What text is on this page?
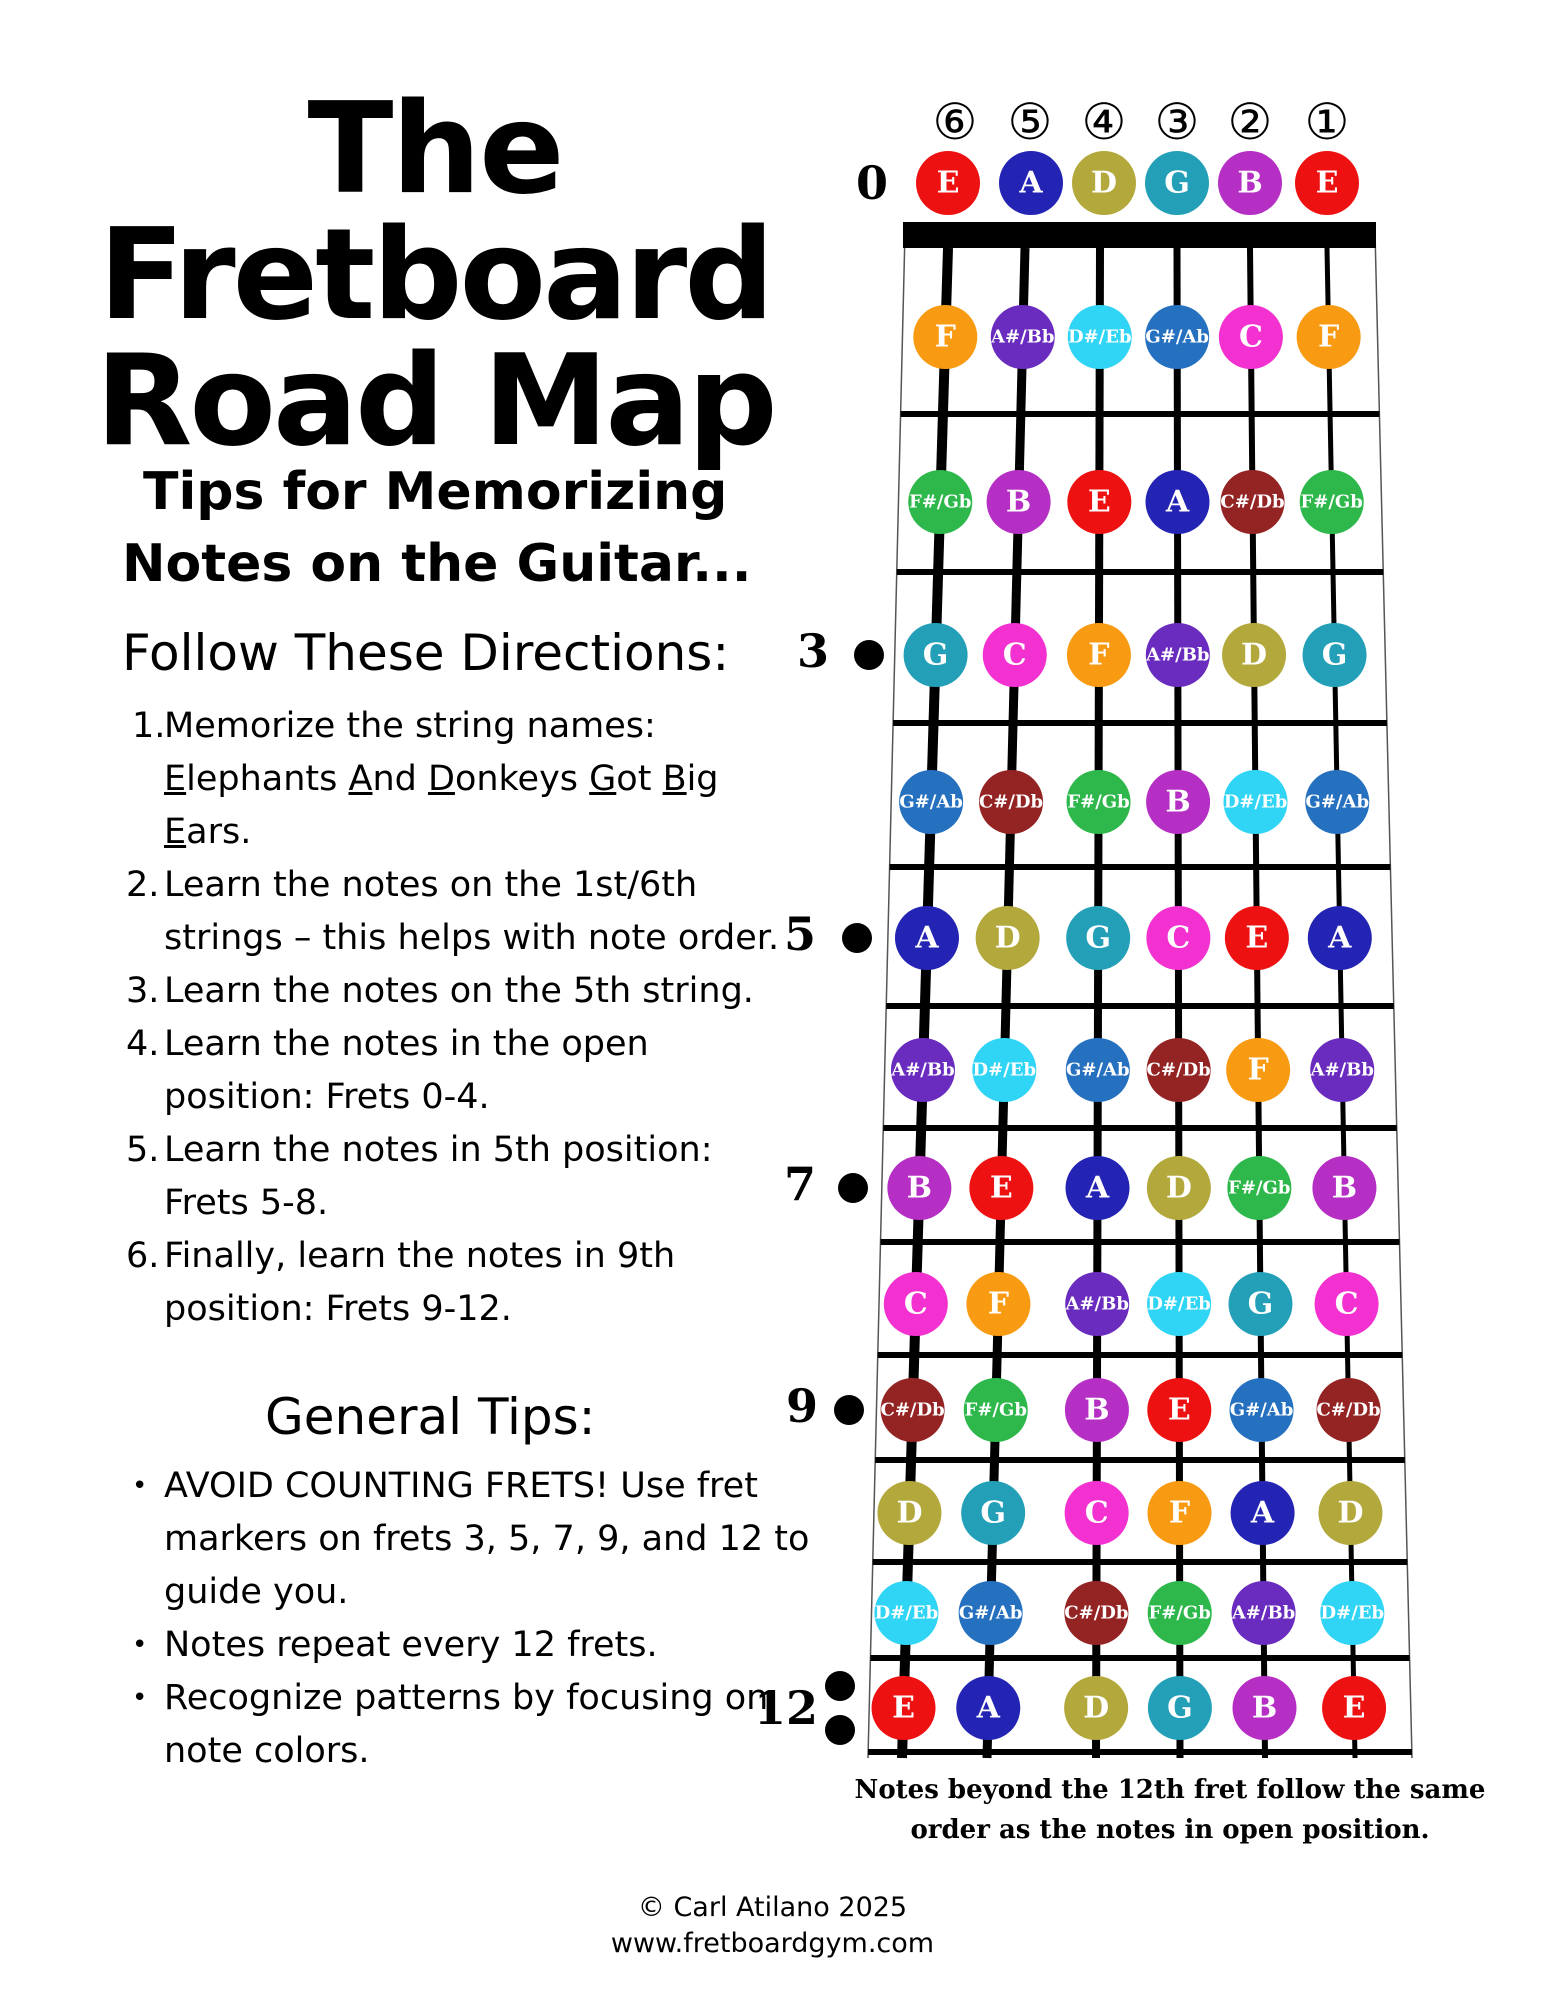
The
Fretboard
Road Map
Tips for Memorizing
Notes on the Guitar...
Follow These Directions:
1.
Memorize the string names: Elephants And Donkeys Got Big Ears.
2. Learn the notes on the 1st/6th strings – this helps with note order.
3. Learn the notes on the 5th string.
4. Learn the notes in the open position: Frets 0-4.
5. Learn the notes in 5th position: Frets 5-8.
6. Finally, learn the notes in 9th position: Frets 9-12.
General Tips:
• AVOID COUNTING FRETS! Use fret markers on frets 3, 5, 7, 9, and 12 to guide you.
• Notes repeat every 12 frets.
• Recognize patterns by focusing on note colors.
E A D G B E
F A#/Bb D#/Eb G#/Ab C F
F#/Gb B E A C#/Db F#/Gb
G C F A#/Bb D G
G#/Ab C#/Db F#/Gb B D#/Eb G#/Ab
A D G C E A
A#/Bb D#/Eb G#/Ab C#/Db F A#/Bb
B E A D F#/Gb B
C F	A#/Bb D#/Eb G C
C#/Db F#/Gb B E G#/Ab C#/Db
D G	C F A D
D#/Eb G#/Ab C#/Db F#/Gb A#/Bb D#/Eb
E A	D G B E
⑥ ⑤ ④ ③ ② ①
0
3
5
7
9
12
Notes beyond the 12th fret follow the same order as the notes in open position.
© Carl Atilano 2025
www.fretboardgym.com
